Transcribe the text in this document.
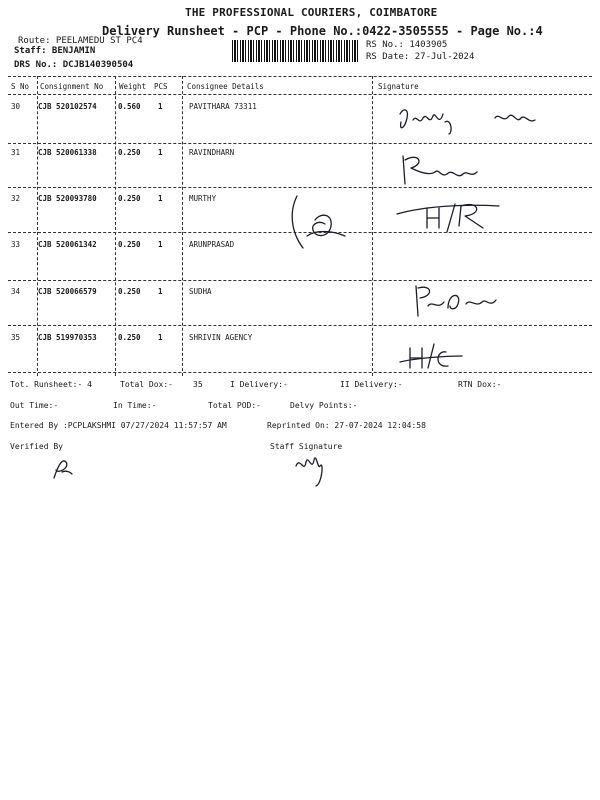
THE PROFESSIONAL COURIERS, COIMBATORE
Delivery Runsheet - PCP - Phone No.:0422-3505555 - Page No.:4
Route: PEELAMEDU ST PC4
Staff: BENJAMIN
DRS No.: DCJB140390504
RS No.: 1403905
RS Date: 27-Jul-2024
S No Consignment No Weight PCS	Consignee Details	Signature
30 CJB 520102574	0.560 1	PAVITHARA 73311
31 CJB 520061338	0.250 1	RAVINDHARN
32 CJB 520093780	0.250 1	MURTHY
33 CJB 520061342	0.250 1	ARUNPRASAD
34 CJB 520066579	0.250 1	SUDHA
35 CJB 519970353	0.250 1	SHRIVIN AGENCY
Tot. Runsheet:- 4	Total Dox:-	35	I Delivery:-	II Delivery:-	RTN Dox:-
Out Time:-	In Time:-	Total POD:-	Delvy Points:-
Entered By :PCPLAKSHMI 07/27/2024 11:57:57 AM	Reprinted On: 27-07-2024 12:04:58
Verified By	Staff Signature
